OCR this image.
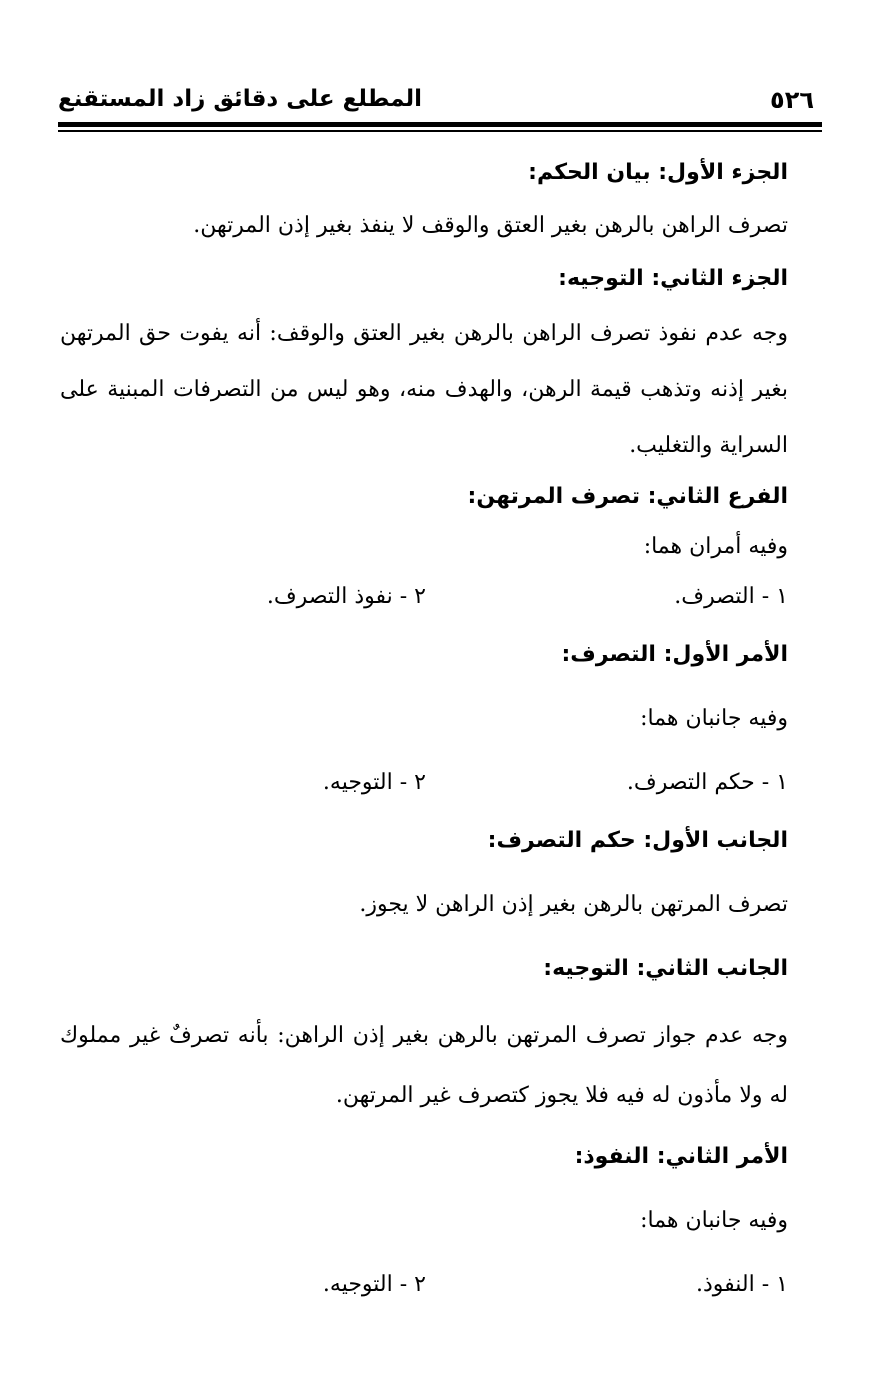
٥٢٦
المطلع على دقائق زاد المستقنع

الجزء الأول: بيان الحكم:

تصرف الراهن بالرهن بغير العتق والوقف لا ينفذ بغير إذن المرتهن.

الجزء الثاني: التوجيه:

وجه عدم نفوذ تصرف الراهن بالرهن بغير العتق والوقف: أنه يفوت حق المرتهن بغير إذنه وتذهب قيمة الرهن، والهدف منه، وهو ليس من التصرفات المبنية على السراية والتغليب.

الفرع الثاني: تصرف المرتهن:

وفيه أمران هما:

١ - التصرف.
٢ - نفوذ التصرف.

الأمر الأول: التصرف:

وفيه جانبان هما:

١ - حكم التصرف.
٢ - التوجيه.

الجانب الأول: حكم التصرف:

تصرف المرتهن بالرهن بغير إذن الراهن لا يجوز.

الجانب الثاني: التوجيه:

وجه عدم جواز تصرف المرتهن بالرهن بغير إذن الراهن: بأنه تصرفٌ غير مملوك له ولا مأذون له فيه فلا يجوز كتصرف غير المرتهن.

الأمر الثاني: النفوذ:

وفيه جانبان هما:

١ - النفوذ.
٢ - التوجيه.
